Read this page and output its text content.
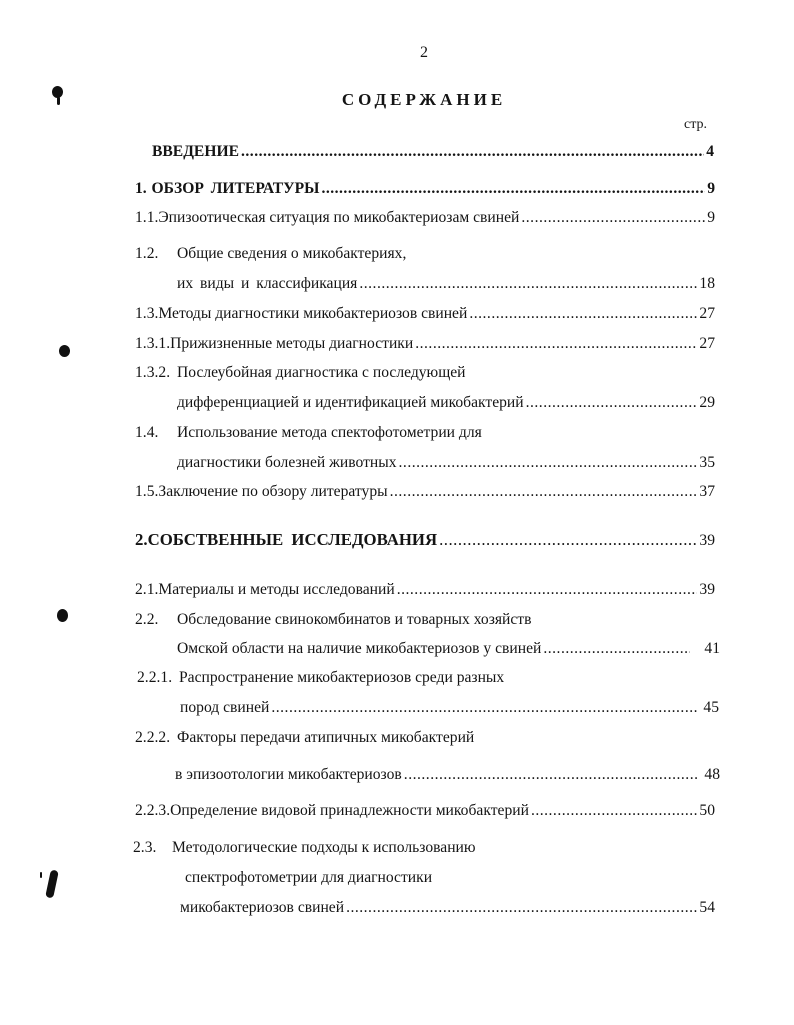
2
СОДЕРЖАНИЕ
стр.
ВВЕДЕНИЕ .....	4
1. ОБЗОР ЛИТЕРАТУРЫ .....	9
1.1. Эпизоотическая ситуация по микобактериозам свиней .....	9
1.2.	Общие сведения о микобактериях,
их виды и классификация .....	18
1.3. Методы диагностики микобактериозов свиней .....	27
1.3.1. Прижизненные методы диагностики .....	27
1.3.2. Послеубойная диагностика с последующей
дифференциацией и идентификацией микобактерий .....	29
1.4.	Использование метода спектофотометрии для
диагностики болезней животных .....	35
1.5. Заключение по обзору литературы .....	37
2. СОБСТВЕННЫЕ ИССЛЕДОВАНИЯ .....	39
2.1. Материалы и методы исследований .....	39
2.2.	Обследование свинокомбинатов и товарных хозяйств
Омской области на наличие микобактериозов у свиней .....	41
2.2.1. Распространение микобактериозов среди разных
пород свиней .....	45
2.2.2. Факторы передачи атипичных микобактерий
в эпизоотологии микобактериозов .....	48
2.2.3. Определение видовой принадлежности микобактерий .....	50
2.3.	Методологические подходы к использованию
спектрофотометрии для диагностики
микобактериозов свиней .....	54
